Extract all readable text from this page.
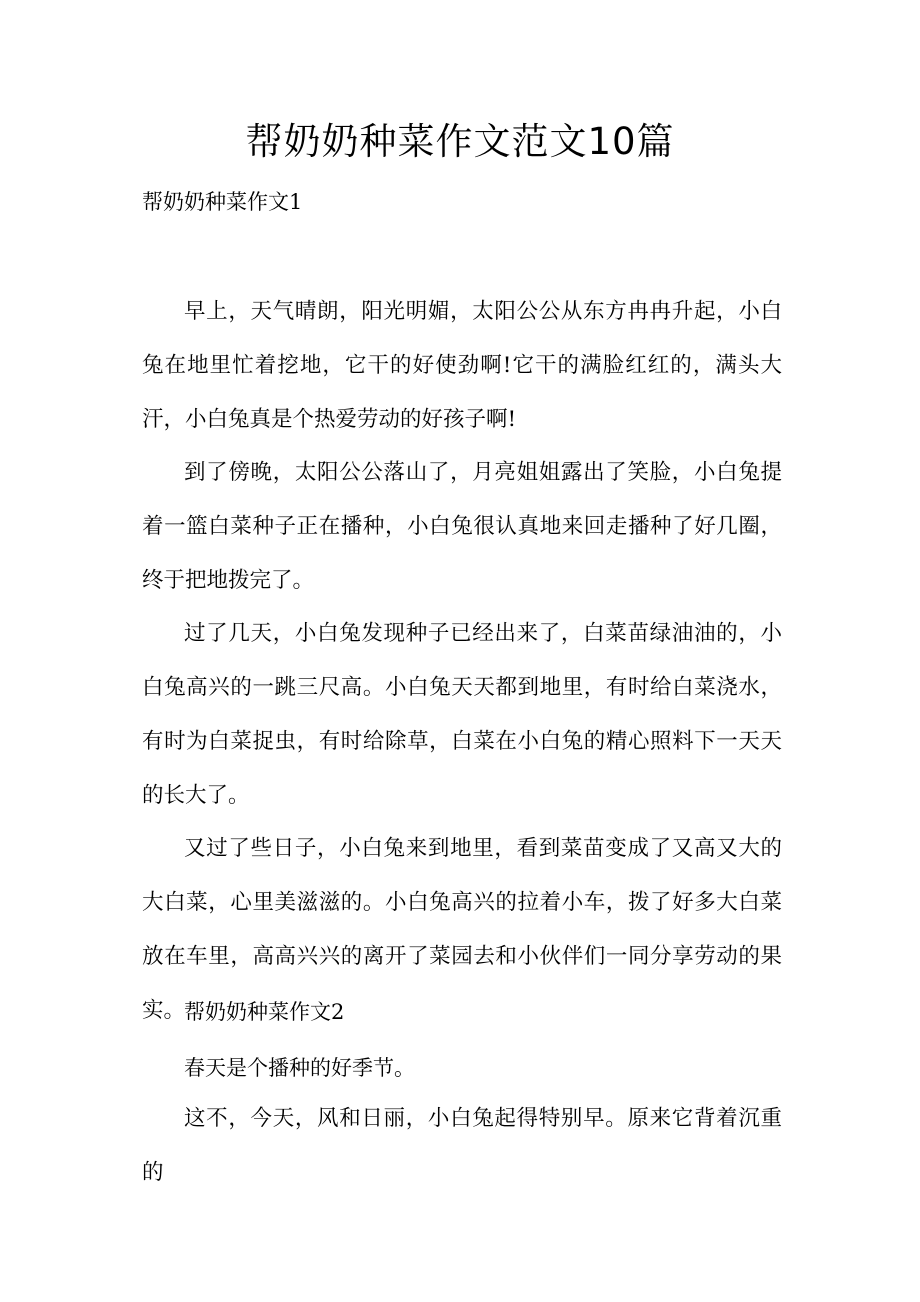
帮奶奶种菜作文范文10篇
帮奶奶种菜作文1

早上，天气晴朗，阳光明媚，太阳公公从东方冉冉升起，小白兔在地里忙着挖地，它干的好使劲啊!它干的满脸红红的，满头大汗，小白兔真是个热爱劳动的好孩子啊!

到了傍晚，太阳公公落山了，月亮姐姐露出了笑脸，小白兔提着一篮白菜种子正在播种，小白兔很认真地来回走播种了好几圈，终于把地拨完了。

过了几天，小白兔发现种子已经出来了，白菜苗绿油油的，小白兔高兴的一跳三尺高。小白兔天天都到地里，有时给白菜浇水，有时为白菜捉虫，有时给除草，白菜在小白兔的精心照料下一天天的长大了。

又过了些日子，小白兔来到地里，看到菜苗变成了又高又大的大白菜，心里美滋滋的。小白兔高兴的拉着小车，拨了好多大白菜放在车里，高高兴兴的离开了菜园去和小伙伴们一同分享劳动的果实。

帮奶奶种菜作文2
春天是个播种的好季节。

这不，今天，风和日丽，小白兔起得特别早。原来它背着沉重的
